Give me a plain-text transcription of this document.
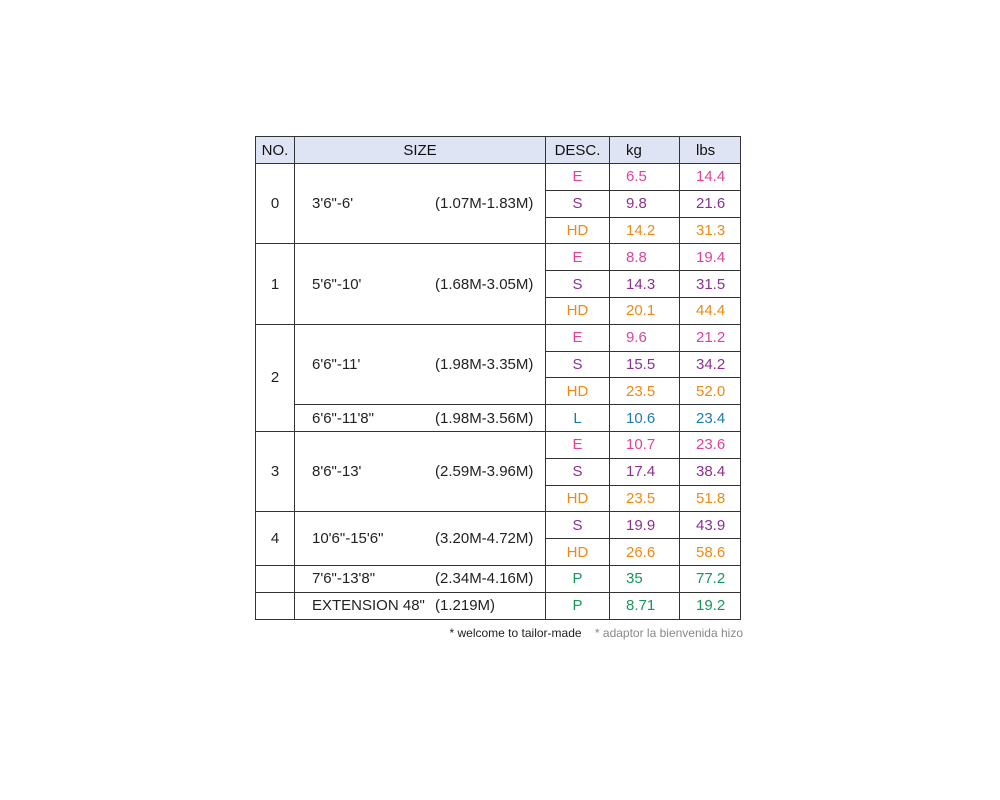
NO.	SIZE	DESC.	kg	lbs
0	3'6"-6' (1.07M-1.83M)	E	6.5	14.4
		S	9.8	21.6
		HD	14.2	31.3
1	5'6"-10' (1.68M-3.05M)	E	8.8	19.4
		S	14.3	31.5
		HD	20.1	44.4
2	6'6"-11' (1.98M-3.35M)	E	9.6	21.2
		S	15.5	34.2
		HD	23.5	52.0

	6'6"-11'8" (1.98M-3.56M)	L	10.6	23.4
3	8'6"-13' (2.59M-3.96M)	E	10.7	23.6
		S	17.4	38.4
		HD	23.5	51.8
4	10'6"-15'6" (3.20M-4.72M)	S	19.9	43.9
		HD	26.6	58.6

	7'6"-13'8" (2.34M-4.16M)	P	35	77.2

	EXTENSION 48" (1.219M)	P	8.71	19.2
* welcome to tailor-made * adaptor la bienvenida hizo
